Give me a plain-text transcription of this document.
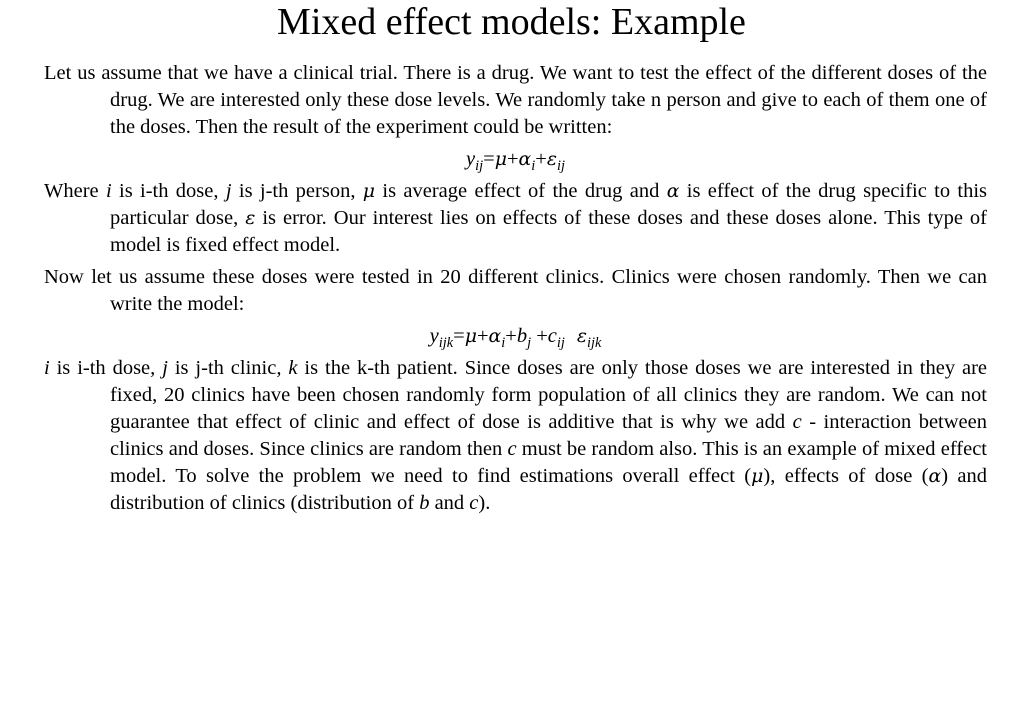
Mixed effect models: Example

Let us assume that we have a clinical trial. There is a drug. We want to test the effect of the different doses of the drug. We are interested only these dose levels. We randomly take n person and give to each of them one of the doses. Then the result of the experiment could be written:

$y_{ij}=\mu+\alpha_i+\varepsilon_{ij}$

Where i is i-th dose, j is j-th person, μ is average effect of the drug and α is effect of the drug specific to this particular dose, ε is error. Our interest lies on effects of these doses and these doses alone. This type of model is fixed effect model.

Now let us assume these doses were tested in 20 different clinics. Clinics were chosen randomly. Then we can write the model:

$y_{ijk}=\mu+\alpha_i+b_j +c_{ij}$ $\varepsilon_{ijk}$

i is i-th dose, j is j-th clinic, k is the k-th patient. Since doses are only those doses we are interested in they are fixed, 20 clinics have been chosen randomly form population of all clinics they are random. We can not guarantee that effect of clinic and effect of dose is additive that is why we add c - interaction between clinics and doses. Since clinics are random then c must be random also. This is an example of mixed effect model. To solve the problem we need to find estimations overall effect (μ), effects of dose (α) and distribution of clinics (distribution of b and c).
